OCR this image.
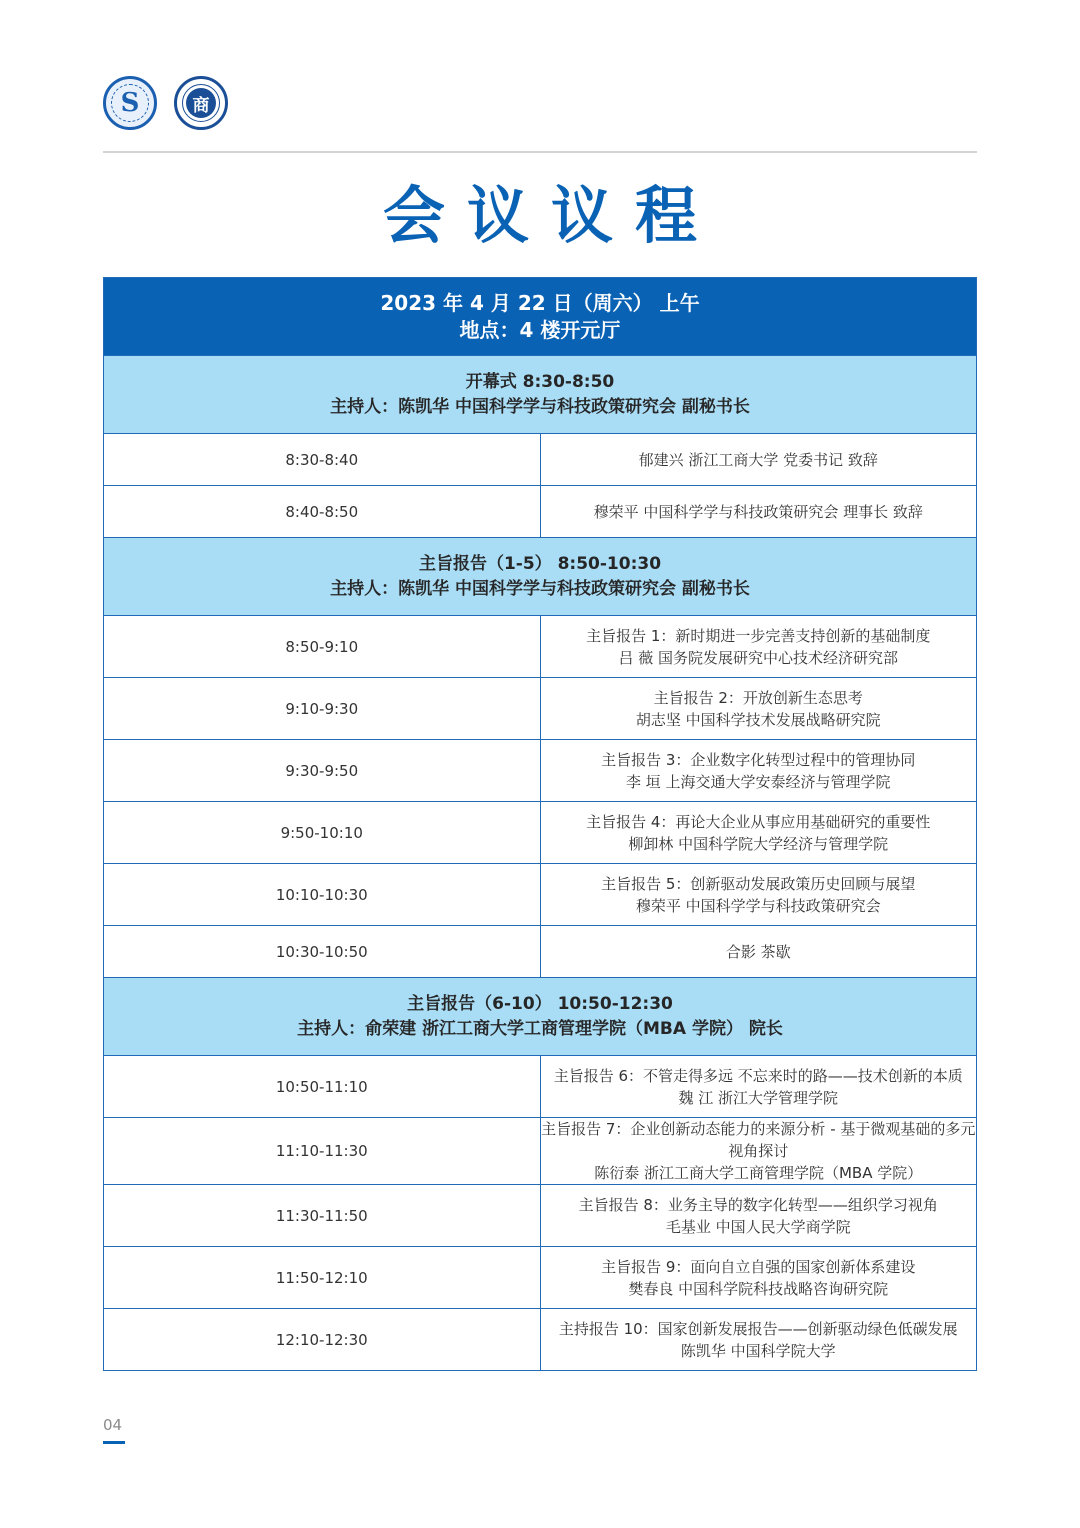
S	商
会议议程
2023 年 4 月 22 日（周六） 上午
地点：4 楼开元厅	

开幕式 8:30-8:50
主持人：陈凯华 中国科学学与科技政策研究会 副秘书长	

8:30-8:40	郁建兴 浙江工商大学 党委书记 致辞

8:40-8:50	穆荣平 中国科学学与科技政策研究会 理事长 致辞

主旨报告（1-5） 8:50-10:30
主持人：陈凯华 中国科学学与科技政策研究会 副秘书长	

8:50-9:10	主旨报告 1：新时期进一步完善支持创新的基础制度
吕 薇 国务院发展研究中心技术经济研究部

9:10-9:30	主旨报告 2：开放创新生态思考
胡志坚 中国科学技术发展战略研究院

9:30-9:50	主旨报告 3：企业数字化转型过程中的管理协同
李 垣 上海交通大学安泰经济与管理学院

9:50-10:10	主旨报告 4：再论大企业从事应用基础研究的重要性
柳卸林 中国科学院大学经济与管理学院

10:10-10:30	主旨报告 5：创新驱动发展政策历史回顾与展望
穆荣平 中国科学学与科技政策研究会

10:30-10:50	合影 茶歇

主旨报告（6-10） 10:50-12:30
主持人：俞荣建 浙江工商大学工商管理学院（MBA 学院） 院长	

10:50-11:10	主旨报告 6：不管走得多远 不忘来时的路——技术创新的本质
魏 江 浙江大学管理学院

11:10-11:30	主旨报告 7：企业创新动态能力的来源分析 - 基于微观基础的多元视角探讨
陈衍泰 浙江工商大学工商管理学院（MBA 学院）

11:30-11:50	主旨报告 8：业务主导的数字化转型——组织学习视角
毛基业 中国人民大学商学院

11:50-12:10	主旨报告 9：面向自立自强的国家创新体系建设
樊春良 中国科学院科技战略咨询研究院

12:10-12:30	主持报告 10：国家创新发展报告——创新驱动绿色低碳发展
陈凯华 中国科学院大学
04
